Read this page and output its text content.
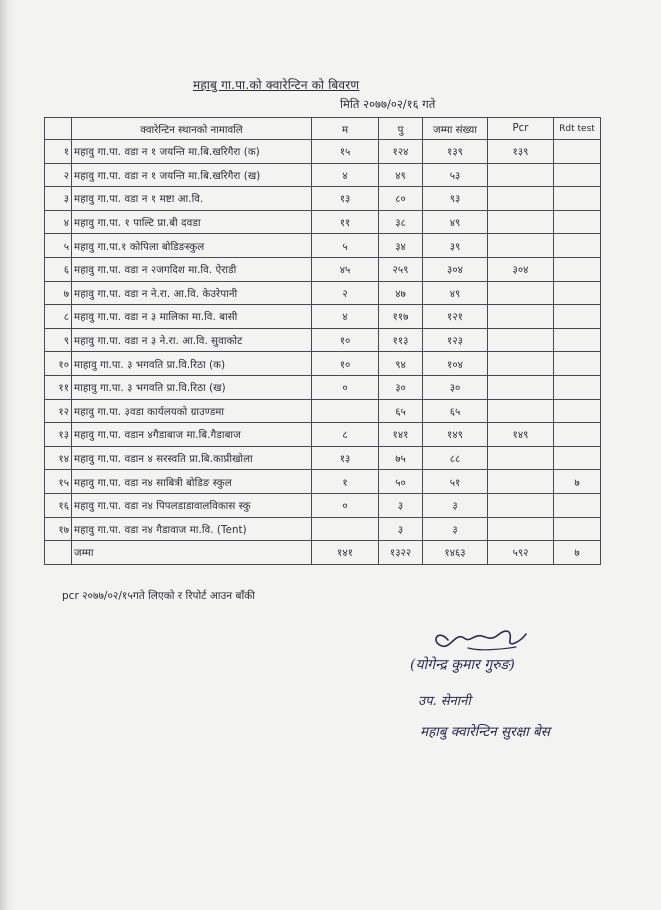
महाबु गा.पा.को क्वारेन्टिन को बिवरण
मिति २०७७/०२/१६ गते
	क्वारेन्टिन स्थानको नामावलि	म	पु	जम्मा संख्या	Pcr	Rdt test
१	महावु गा.पा. वडा न १ जयन्ति मा.बि.खरिगैरा (क)	१५	१२४	१३९	१३९	
२	महावु गा.पा. वडा न १ जयन्ति मा.बि.खरिगैरा (ख)	४	४९	५३		
३	महावु गा.पा. वडा न १ मष्टा आ.वि.	१३	८०	९३		
४	महावु गा.पा. १ पाल्टि प्रा.बी दवडा	११	३८	४९		
५	महावु गा.पा.१ कोपिला बोडिङस्कुल	५	३४	३९		
६	महावु गा.पा. वडा न २जगदिश मा.वि. ऐराडी	४५	२५९	३०४	३०४	
७	महावु गा.पा. वडा न ने.रा. आ.वि. केउरेपानी	२	४७	४९		
८	महावु गा.पा. वडा न ३ मालिका मा.वि. बासी	४	११७	१२१		
९	महावु गा.पा. वडा न ३ ने.रा. आ.वि. सुवाकोट	१०	११३	१२३		
१०	माहावु गा.पा. ३ भगवति प्रा.वि.रिठा (क)	१०	९४	१०४		
११	माहावु गा.पा. ३ भगवति प्रा.वि.रिठा (ख)	०	३०	३०		
१२	महावु गा.पा. ३वडा कार्यलयको ग्राउण्डमा		६५	६५		
१३	महावु गा.पा. वडान ४गैडाबाज मा.बि.गैडाबाज	८	१४१	१४९	१४९	
१४	महावु गा.पा. वडान ४ सरस्वति प्रा.बि.काप्रीखोला	१३	७५	८८		
१५	महावु गा.पा. वडा न४ साबित्री बोडिङ स्कुल	१	५०	५१		७
१६	महावु गा.पा. वडा न४ पिपलडाडावालविकास स्कु	०	३	३		
१७	महावु गा.पा. वडा न४ गैडावाज मा.वि. (Tent)		३	३		
	जम्मा	१४१	१३२२	१४६३	५९२	७
pcr २०७७/०२/१५गते लिएको र रिपोर्ट आउन बाँकी
(योगेन्द्र कुमार गुरुङ)
उप. सेनानी
महाबु क्वारेन्टिन सुरक्षा बेस
